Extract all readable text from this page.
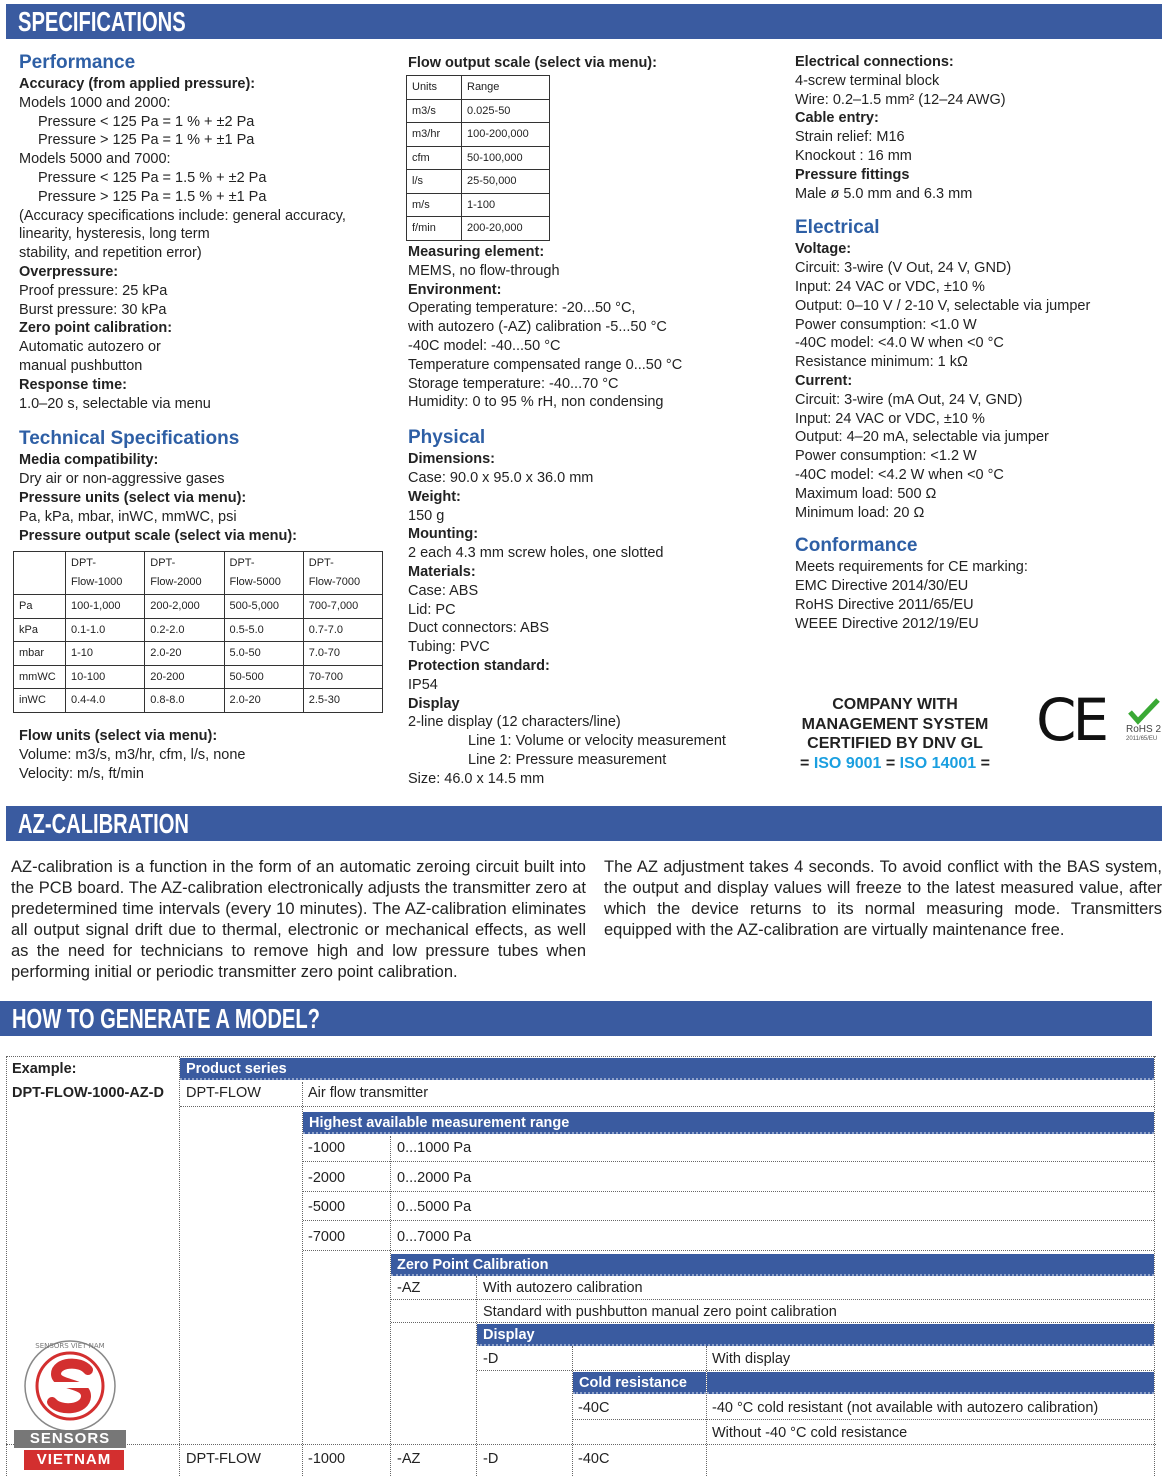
SPECIFICATIONS
Performance
Accuracy (from applied pressure):
Models 1000 and 2000:
Pressure < 125 Pa = 1 % + ±2 Pa
Pressure > 125 Pa = 1 % + ±1 Pa
Models 5000 and 7000:
Pressure < 125 Pa = 1.5 % + ±2 Pa
Pressure > 125 Pa = 1.5 % + ±1 Pa
(Accuracy specifications include: general accuracy,
linearity, hysteresis, long term
stability, and repetition error)
Overpressure:
Proof pressure: 25 kPa
Burst pressure: 30 kPa
Zero point calibration:
Automatic autozero or
manual pushbutton
Response time:
1.0–20 s, selectable via menu
Technical Specifications
Media compatibility:
Dry air or non-aggressive gases
Pressure units (select via menu):
Pa, kPa, mbar, inWC, mmWC, psi
Pressure output scale (select via menu):
	DPT-
Flow-1000	DPT-
Flow-2000	DPT-
Flow-5000	DPT-
Flow-7000
Pa	100-1,000	200-2,000	500-5,000	700-7,000
kPa	0.1-1.0	0.2-2.0	0.5-5.0	0.7-7.0
mbar	1-10	2.0-20	5.0-50	7.0-70
mmWC	10-100	20-200	50-500	70-700
inWC	0.4-4.0	0.8-8.0	2.0-20	2.5-30
Flow units (select via menu):
Volume: m3/s, m3/hr, cfm, l/s, none
Velocity: m/s, ft/min
Flow output scale (select via menu):
Units	Range
m3/s	0.025-50
m3/hr	100-200,000
cfm	50-100,000
l/s	25-50,000
m/s	1-100
f/min	200-20,000
Measuring element:
MEMS, no flow-through
Environment:
Operating temperature: -20...50 °C,
with autozero (-AZ) calibration -5...50 °C
-40C model: -40...50 °C
Temperature compensated range 0...50 °C
Storage temperature: -40...70 °C
Humidity: 0 to 95 % rH, non condensing
Physical
Dimensions:
Case: 90.0 x 95.0 x 36.0 mm
Weight:
150 g
Mounting:
2 each 4.3 mm screw holes, one slotted
Materials:
Case: ABS
Lid: PC
Duct connectors: ABS
Tubing: PVC
Protection standard:
IP54
Display
2-line display (12 characters/line)
Line 1: Volume or velocity measurement
Line 2: Pressure measurement
Size: 46.0 x 14.5 mm
Electrical connections:
4-screw terminal block
Wire: 0.2–1.5 mm² (12–24 AWG)
Cable entry:
Strain relief: M16
Knockout : 16 mm
Pressure fittings
Male ø 5.0 mm and 6.3 mm
Electrical
Voltage:
Circuit: 3-wire (V Out, 24 V, GND)
Input: 24 VAC or VDC, ±10 %
Output: 0–10 V / 2-10 V, selectable via jumper
Power consumption: <1.0 W
-40C model: <4.0 W when <0 °C
Resistance minimum: 1 kΩ
Current:
Circuit: 3-wire (mA Out, 24 V, GND)
Input: 24 VAC or VDC, ±10 %
Output: 4–20 mA, selectable via jumper
Power consumption: <1.2 W
-40C model: <4.2 W when <0 °C
Maximum load: 500 Ω
Minimum load: 20 Ω
Conformance
Meets requirements for CE marking:
EMC Directive 2014/30/EU
RoHS Directive 2011/65/EU
WEEE Directive 2012/19/EU
COMPANY WITH
MANAGEMENT SYSTEM
CERTIFIED BY DNV GL
= ISO 9001 = ISO 14001 =
CE RoHS 2
2011/65/EU
AZ-CALIBRATION
AZ-calibration is a function in the form of an automatic zeroing circuit built into the PCB board. The AZ-calibration electronically adjusts the transmitter zero at predetermined time intervals (every 10 minutes). The AZ-calibration eliminates all output signal drift due to thermal, electronic or mechanical effects, as well as the need for technicians to remove high and low pressure tubes when performing initial or periodic transmitter zero point calibration.
The AZ adjustment takes 4 seconds. To avoid conflict with the BAS system, the output and display values will freeze to the latest measured value, after which the device returns to its normal measuring mode. Transmitters equipped with the AZ-calibration are virtually maintenance free.
HOW TO GENERATE A MODEL?
Example:
DPT-FLOW-1000-AZ-D
Product series
DPT-FLOW	Air flow transmitter
Highest available measurement range
-1000	0...1000 Pa
-2000	0...2000 Pa
-5000	0...5000 Pa
-7000	0...7000 Pa
Zero Point Calibration
-AZ	With autozero calibration
Standard with pushbutton manual zero point calibration
Display
-D	With display
Cold resistance
-40C	-40 °C cold resistant (not available with autozero calibration)
Without -40 °C cold resistance
DPT-FLOW	-1000	-AZ	-D	-40C
SENSORS VIET NAM
SENSORS
VIETNAM
